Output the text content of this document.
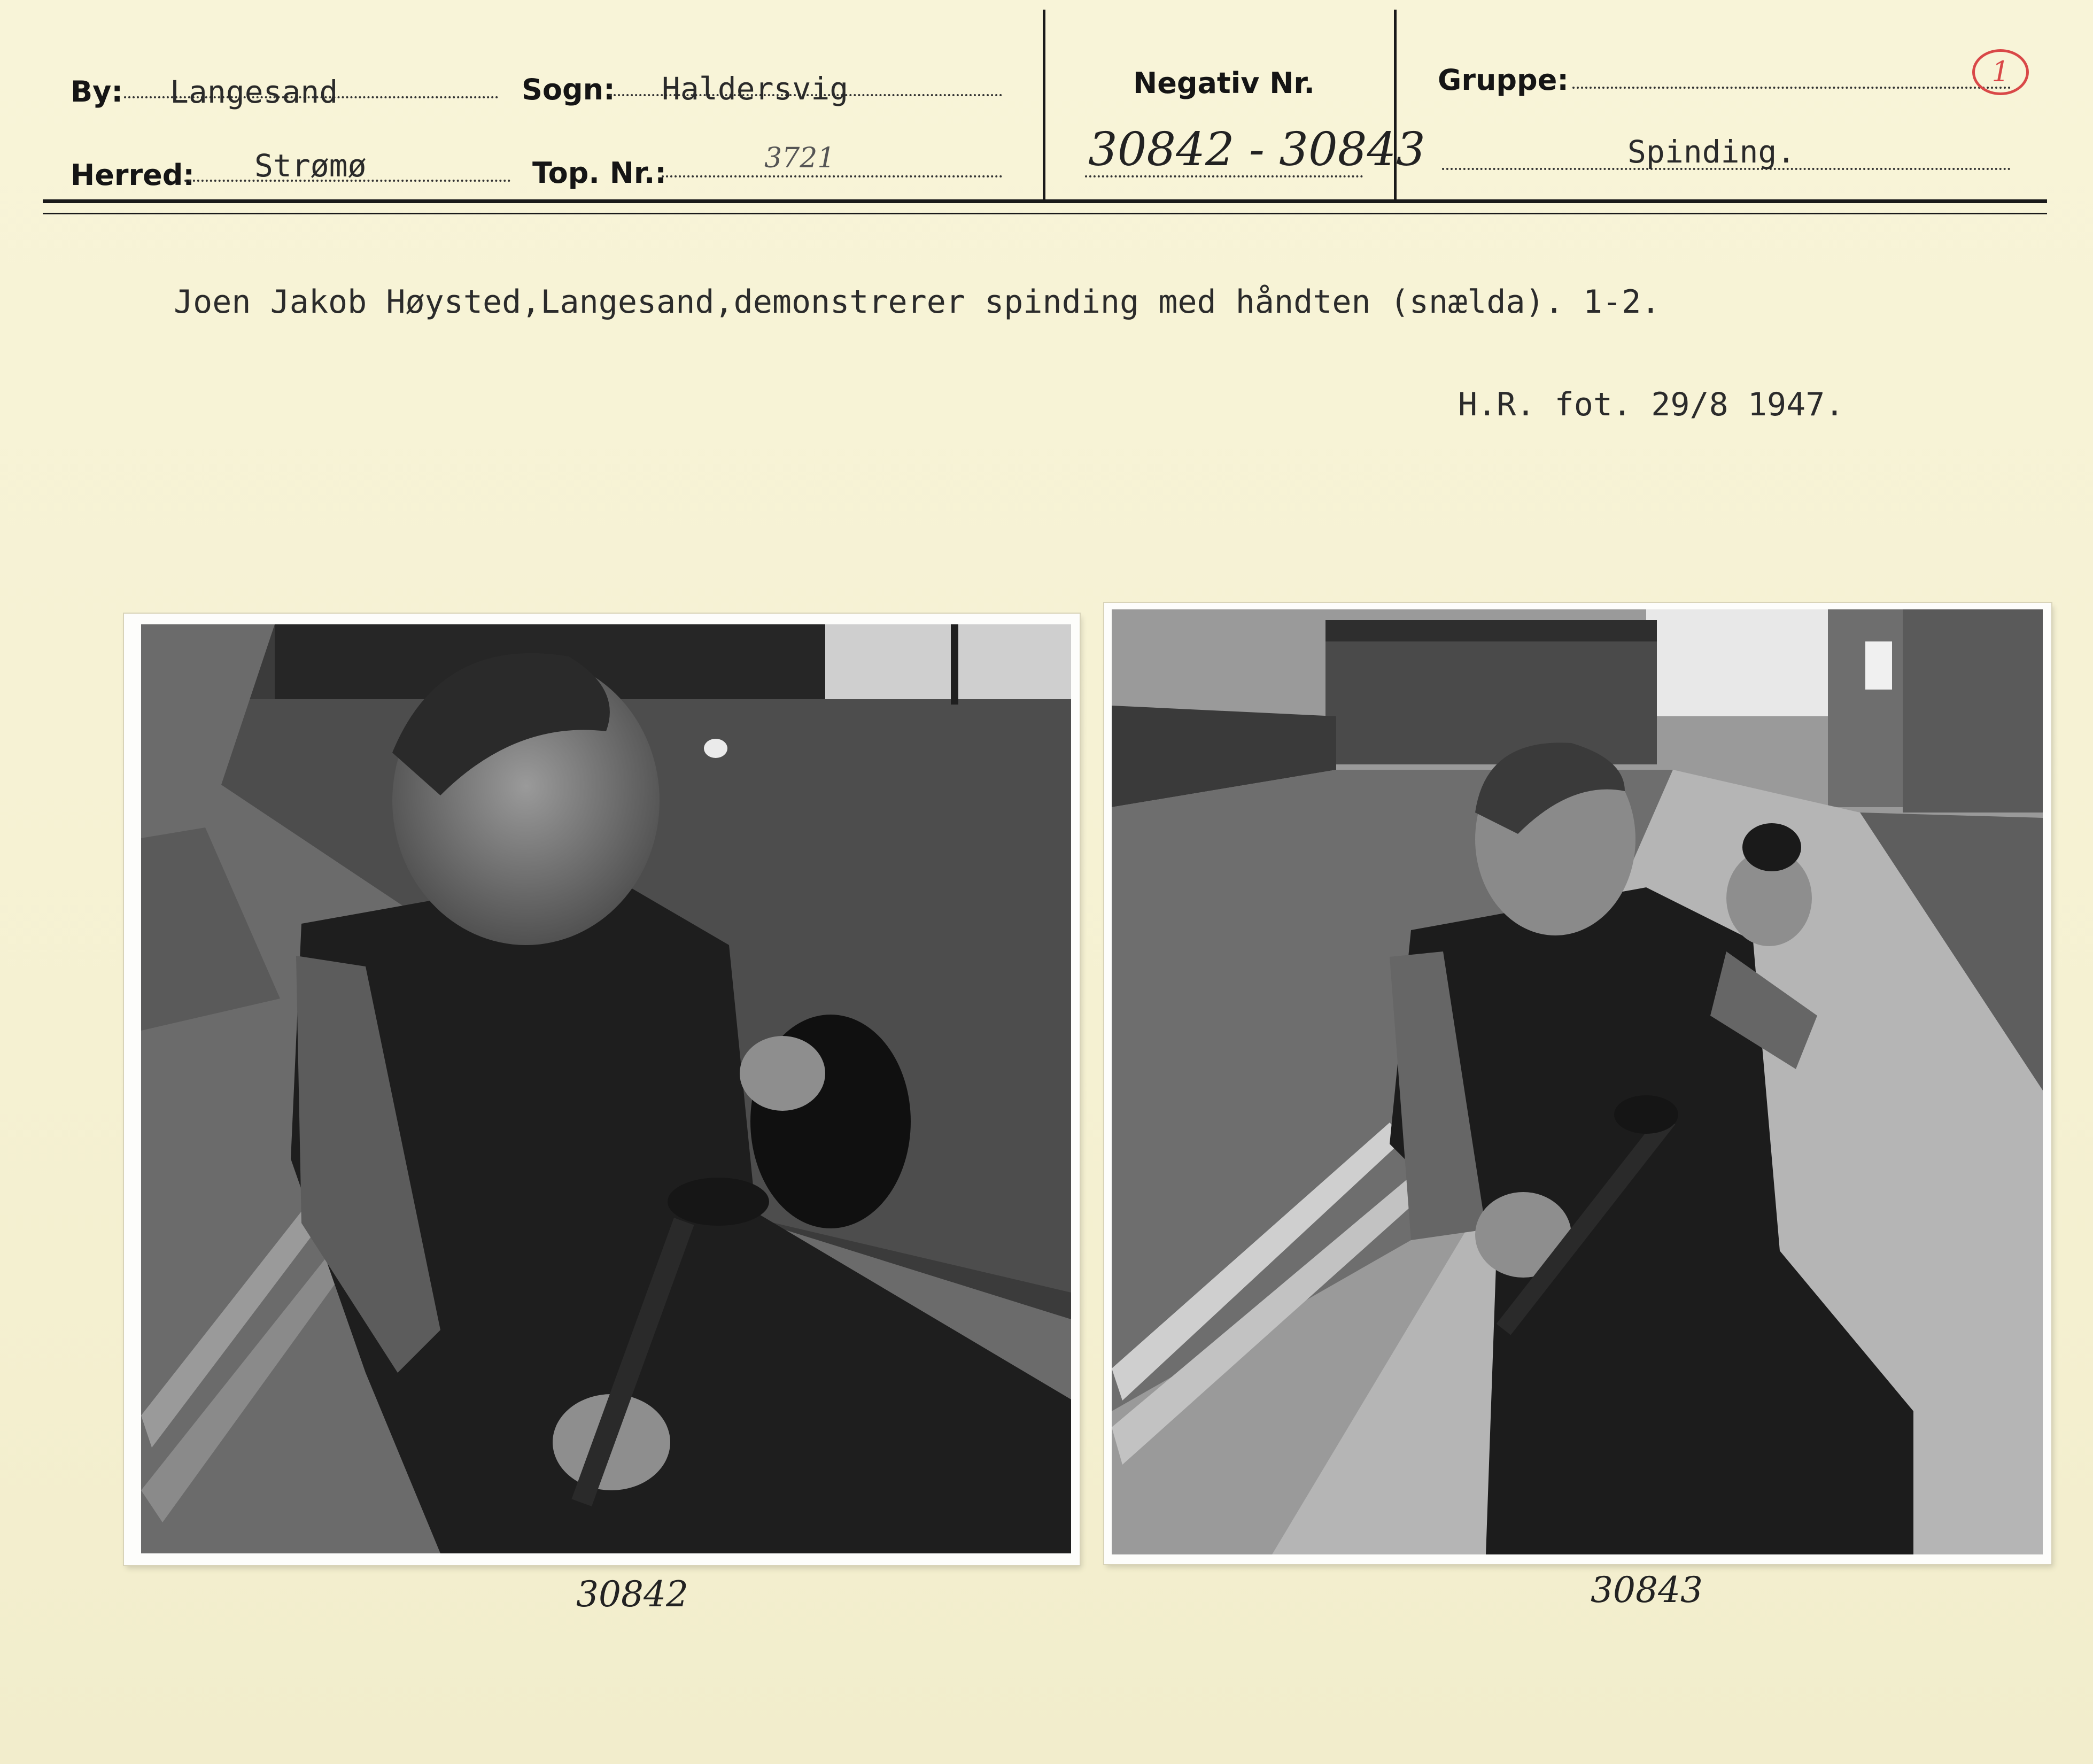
By: Langesand	Sogn: Haldersvig
Herred: Strømø	Top. Nr.:	3721
Negativ Nr.
30842 - 30843
Gruppe:	1
Spinding.
Joen Jakob Høysted,Langesand,demonstrerer spinding med håndten (snælda). 1-2.
H.R. fot. 29/8 1947.
30842	30843
